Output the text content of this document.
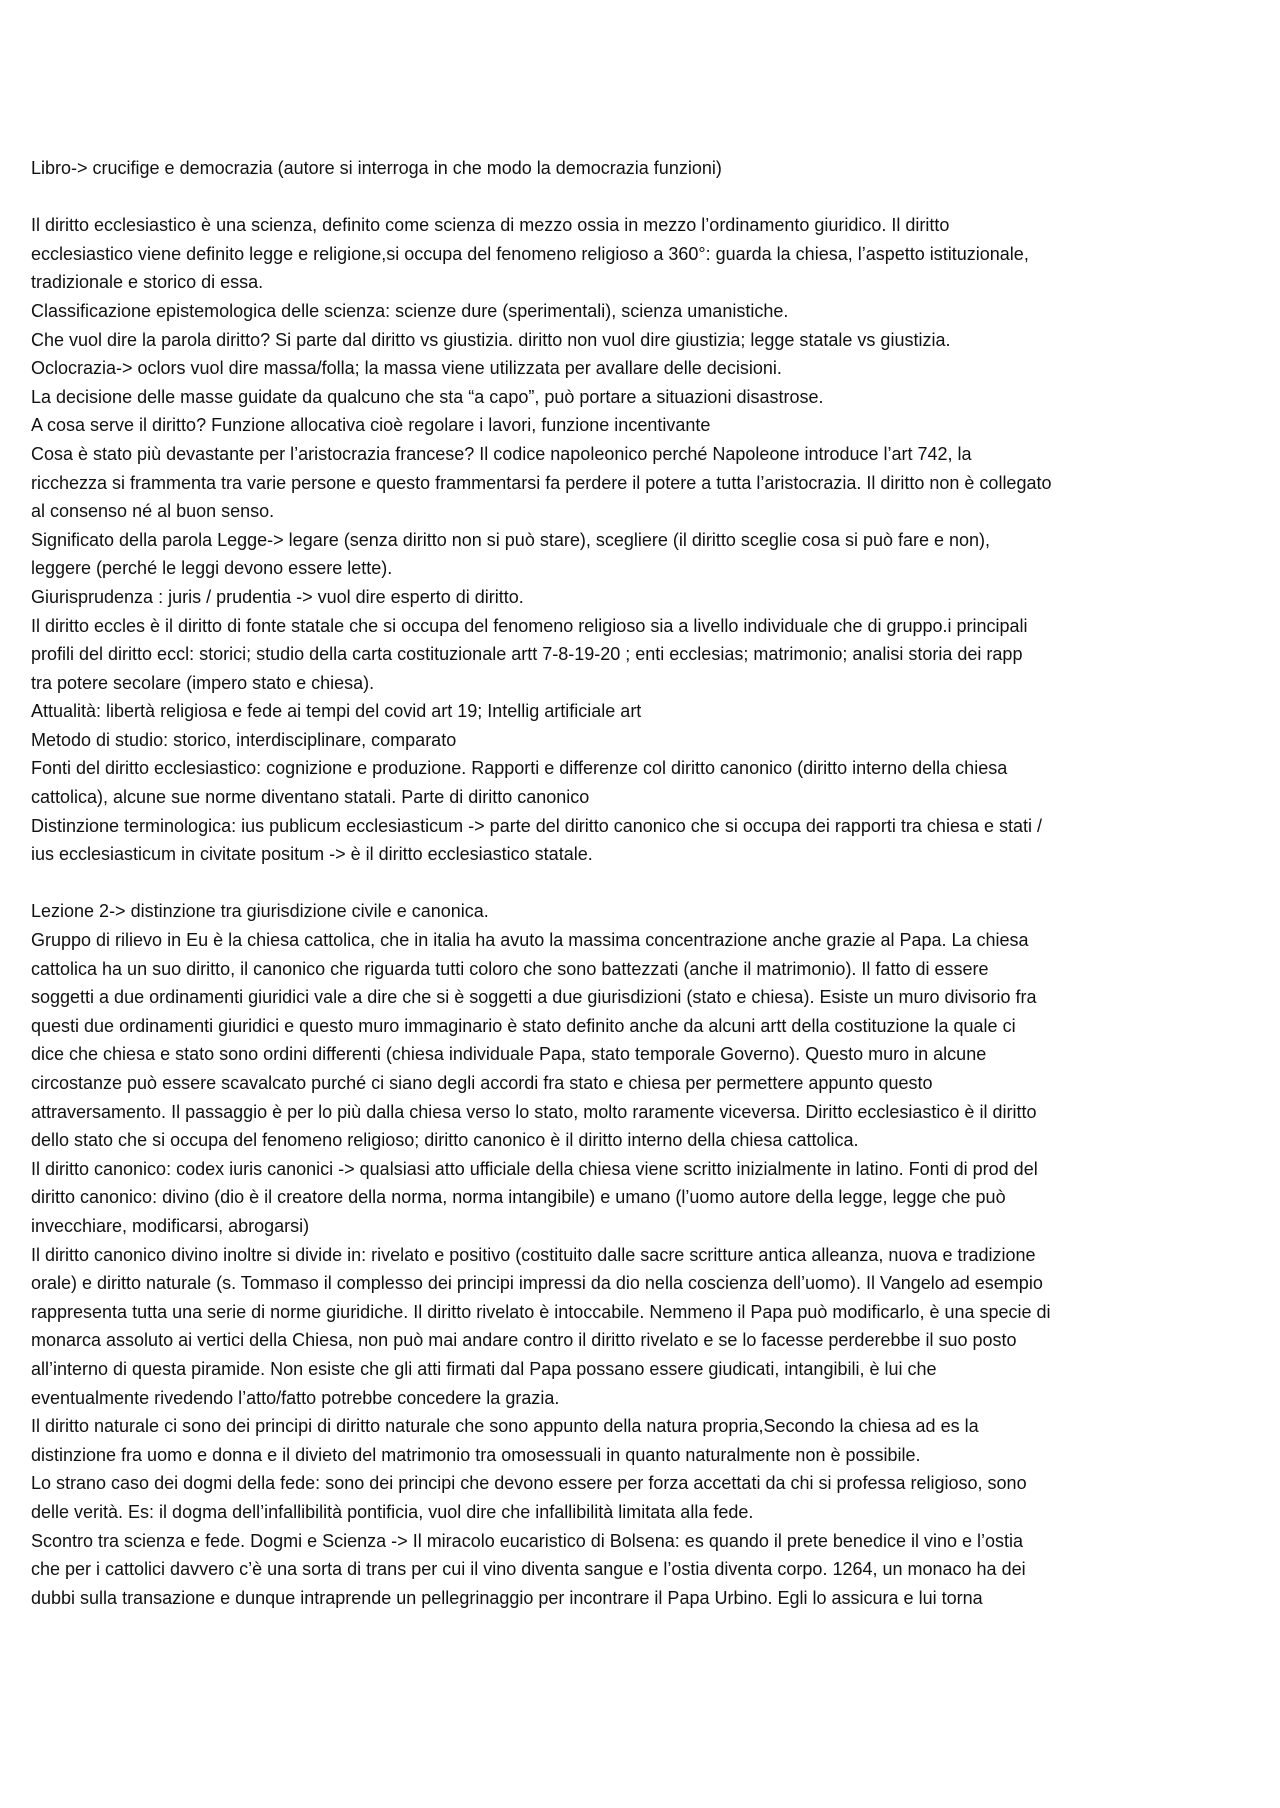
Libro-> crucifige e democrazia (autore si interroga in che modo la democrazia funzioni)
Il diritto ecclesiastico è una scienza, definito come scienza di mezzo ossia in mezzo l’ordinamento giuridico. Il diritto
ecclesiastico viene definito legge e religione,si occupa del fenomeno religioso a 360°: guarda la chiesa, l’aspetto istituzionale,
tradizionale e storico di essa.
Classificazione epistemologica delle scienza: scienze dure (sperimentali), scienza umanistiche.
Che vuol dire la parola diritto? Si parte dal diritto vs giustizia. diritto non vuol dire giustizia; legge statale vs giustizia.
Oclocrazia-> oclors vuol dire massa/folla; la massa viene utilizzata per avallare delle decisioni.
La decisione delle masse guidate da qualcuno che sta “a capo”, può portare a situazioni disastrose.
A cosa serve il diritto? Funzione allocativa cioè regolare i lavori, funzione incentivante
Cosa è stato più devastante per l’aristocrazia francese? Il codice napoleonico perché Napoleone introduce l’art 742, la
ricchezza si frammenta tra varie persone e questo frammentarsi fa perdere il potere a tutta l’aristocrazia. Il diritto non è collegato
al consenso né al buon senso.
Significato della parola Legge-> legare (senza diritto non si può stare), scegliere (il diritto sceglie cosa si può fare e non),
leggere (perché le leggi devono essere lette).
Giurisprudenza : juris / prudentia -> vuol dire esperto di diritto.
Il diritto eccles è il diritto di fonte statale che si occupa del fenomeno religioso sia a livello individuale che di gruppo.i principali
profili del diritto eccl: storici; studio della carta costituzionale artt 7-8-19-20 ; enti ecclesias; matrimonio; analisi storia dei rapp
tra potere secolare (impero stato e chiesa).
Attualità: libertà religiosa e fede ai tempi del covid art 19; Intellig artificiale art
Metodo di studio: storico, interdisciplinare, comparato
Fonti del diritto ecclesiastico: cognizione e produzione. Rapporti e differenze col diritto canonico (diritto interno della chiesa
cattolica), alcune sue norme diventano statali. Parte di diritto canonico
Distinzione terminologica: ius publicum ecclesiasticum -> parte del diritto canonico che si occupa dei rapporti tra chiesa e stati /
ius ecclesiasticum in civitate positum -> è il diritto ecclesiastico statale.
Lezione 2-> distinzione tra giurisdizione civile e canonica.
Gruppo di rilievo in Eu è la chiesa cattolica, che in italia ha avuto la massima concentrazione anche grazie al Papa. La chiesa
cattolica ha un suo diritto, il canonico che riguarda tutti coloro che sono battezzati (anche il matrimonio). Il fatto di essere
soggetti a due ordinamenti giuridici vale a dire che si è soggetti a due giurisdizioni (stato e chiesa). Esiste un muro divisorio fra
questi due ordinamenti giuridici e questo muro immaginario è stato definito anche da alcuni artt della costituzione la quale ci
dice che chiesa e stato sono ordini differenti (chiesa individuale Papa, stato temporale Governo). Questo muro in alcune
circostanze può essere scavalcato purché ci siano degli accordi fra stato e chiesa per permettere appunto questo
attraversamento. Il passaggio è per lo più dalla chiesa verso lo stato, molto raramente viceversa. Diritto ecclesiastico è il diritto
dello stato che si occupa del fenomeno religioso; diritto canonico è il diritto interno della chiesa cattolica.
Il diritto canonico: codex iuris canonici -> qualsiasi atto ufficiale della chiesa viene scritto inizialmente in latino. Fonti di prod del
diritto canonico: divino (dio è il creatore della norma, norma intangibile) e umano (l’uomo autore della legge, legge che può
invecchiare, modificarsi, abrogarsi)
Il diritto canonico divino inoltre si divide in: rivelato e positivo (costituito dalle sacre scritture antica alleanza, nuova e tradizione
orale) e diritto naturale (s. Tommaso il complesso dei principi impressi da dio nella coscienza dell’uomo). Il Vangelo ad esempio
rappresenta tutta una serie di norme giuridiche. Il diritto rivelato è intoccabile. Nemmeno il Papa può modificarlo, è una specie di
monarca assoluto ai vertici della Chiesa, non può mai andare contro il diritto rivelato e se lo facesse perderebbe il suo posto
all’interno di questa piramide. Non esiste che gli atti firmati dal Papa possano essere giudicati, intangibili, è lui che
eventualmente rivedendo l’atto/fatto potrebbe concedere la grazia.
Il diritto naturale ci sono dei principi di diritto naturale che sono appunto della natura propria,Secondo la chiesa ad es la
distinzione fra uomo e donna e il divieto del matrimonio tra omosessuali in quanto naturalmente non è possibile.
Lo strano caso dei dogmi della fede: sono dei principi che devono essere per forza accettati da chi si professa religioso, sono
delle verità. Es: il dogma dell’infallibilità pontificia, vuol dire che infallibilità limitata alla fede.
Scontro tra scienza e fede. Dogmi e Scienza -> Il miracolo eucaristico di Bolsena: es quando il prete benedice il vino e l’ostia
che per i cattolici davvero c’è una sorta di trans per cui il vino diventa sangue e l’ostia diventa corpo. 1264, un monaco ha dei
dubbi sulla transazione e dunque intraprende un pellegrinaggio per incontrare il Papa Urbino. Egli lo assicura e lui torna
